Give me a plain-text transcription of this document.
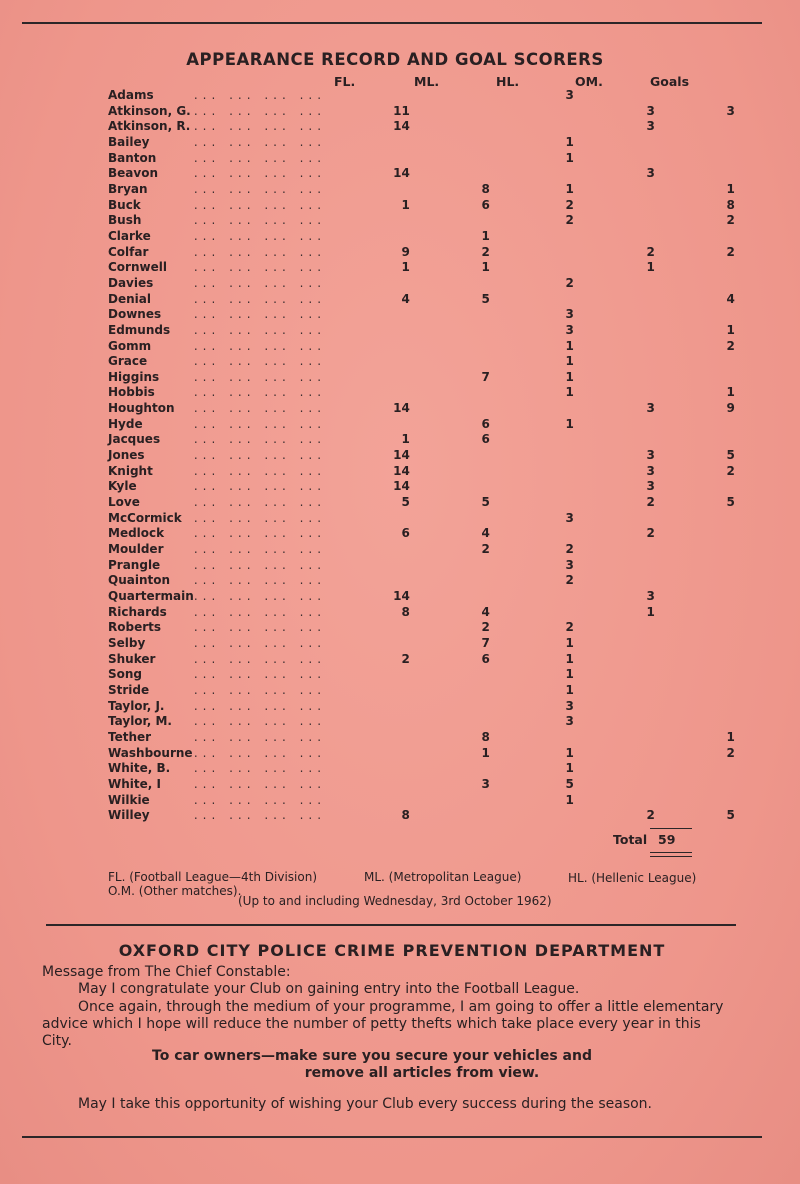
APPEARANCE RECORD AND GOAL SCORERS
FL.	ML.	HL.	OM.	Goals
Adams	... ... ... ...			3		
Atkinson, G.	... ... ... ...	11			3	3
Atkinson, R.	... ... ... ...	14			3	
Bailey	... ... ... ...			1		
Banton	... ... ... ...			1		
Beavon	... ... ... ...	14			3	
Bryan	... ... ... ...		8	1		1
Buck	... ... ... ...	1	6	2		8
Bush	... ... ... ...			2		2
Clarke	... ... ... ...		1			
Colfar	... ... ... ...	9	2		2	2
Cornwell	... ... ... ...	1	1		1	
Davies	... ... ... ...			2		
Denial	... ... ... ...	4	5			4
Downes	... ... ... ...			3		
Edmunds	... ... ... ...			3		1
Gomm	... ... ... ...			1		2
Grace	... ... ... ...			1		
Higgins	... ... ... ...		7	1		
Hobbis	... ... ... ...			1		1
Houghton	... ... ... ...	14			3	9
Hyde	... ... ... ...		6	1		
Jacques	... ... ... ...	1	6			
Jones	... ... ... ...	14			3	5
Knight	... ... ... ...	14			3	2
Kyle	... ... ... ...	14			3	
Love	... ... ... ...	5	5		2	5
McCormick	... ... ... ...			3		
Medlock	... ... ... ...	6	4		2	
Moulder	... ... ... ...		2	2		
Prangle	... ... ... ...			3		
Quainton	... ... ... ...			2		
Quartermain	... ... ... ...	14			3	
Richards	... ... ... ...	8	4		1	
Roberts	... ... ... ...		2	2		
Selby	... ... ... ...		7	1		
Shuker	... ... ... ...	2	6	1		
Song	... ... ... ...			1		
Stride	... ... ... ...			1		
Taylor, J.	... ... ... ...			3		
Taylor, M.	... ... ... ...			3		
Tether	... ... ... ...		8			1
Washbourne	... ... ... ...		1	1		2
White, B.	... ... ... ...			1		
White, I	... ... ... ...		3	5		
Wilkie	... ... ... ...			1		
Willey	... ... ... ...	8			2	5
Total 59
FL. (Football League—4th Division)	ML. (Metropolitan League)	HL. (Hellenic League)
O.M. (Other matches).
(Up to and including Wednesday, 3rd October 1962)
OXFORD CITY POLICE CRIME PREVENTION DEPARTMENT
Message from The Chief Constable:
May I congratulate your Club on gaining entry into the Football League.
Once again, through the medium of your programme, I am going to offer a little elementary
advice which I hope will reduce the number of petty thefts which take place every year in this
City.
To car owners—make sure you secure your vehicles and
remove all articles from view.
May I take this opportunity of wishing your Club every success during the season.
